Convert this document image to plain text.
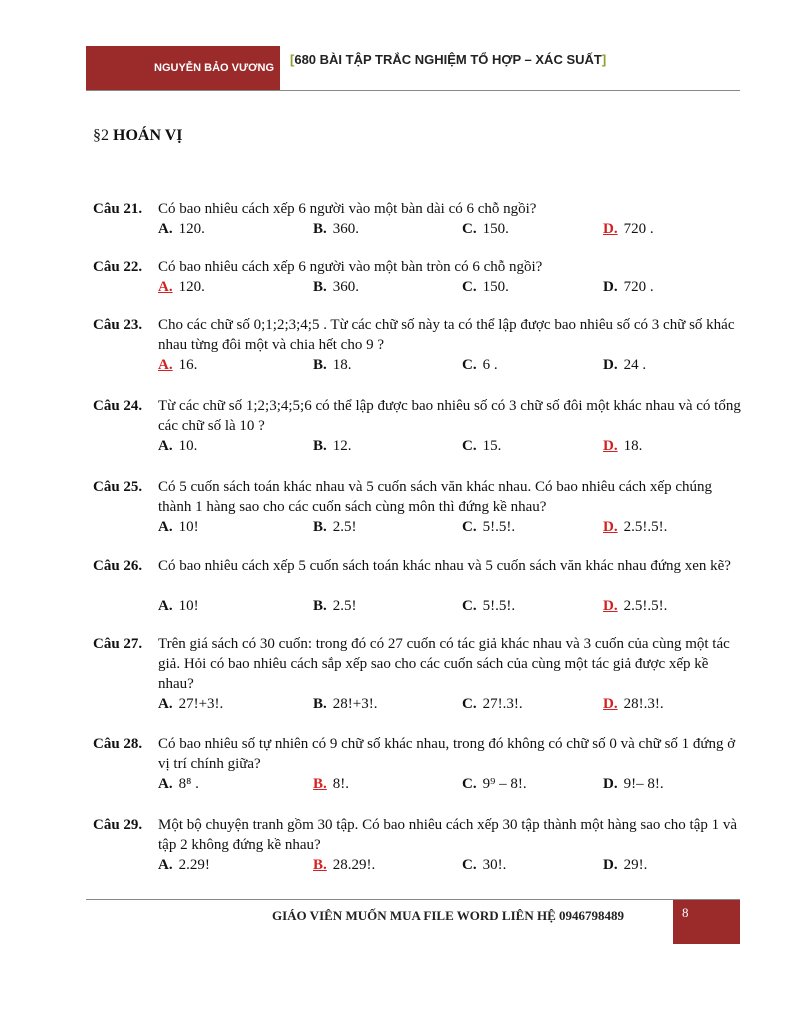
NGUYỄN BẢO VƯƠNG
[680 BÀI TẬP TRẮC NGHIỆM TỔ HỢP – XÁC SUẤT]
§2 HOÁN VỊ
Câu 21. Có bao nhiêu cách xếp 6 người vào một bàn dài có 6 chỗ ngồi?
A. 120.	B. 360.	C. 150.	D. 720 .
Câu 22. Có bao nhiêu cách xếp 6 người vào một bàn tròn có 6 chỗ ngồi?
A. 120.	B. 360.	C. 150.	D. 720 .
Câu 23. Cho các chữ số 0;1;2;3;4;5 . Từ các chữ số này ta có thể lập được bao nhiêu số có 3 chữ số khác nhau từng đôi một và chia hết cho 9 ?
A. 16.	B. 18.	C. 6 .	D. 24 .
Câu 24. Từ các chữ số 1;2;3;4;5;6 có thể lập được bao nhiêu số có 3 chữ số đôi một khác nhau và có tổng các chữ số là 10 ?
A. 10.	B. 12.	C. 15.	D. 18.
Câu 25. Có 5 cuốn sách toán khác nhau và 5 cuốn sách văn khác nhau. Có bao nhiêu cách xếp chúng thành 1 hàng sao cho các cuốn sách cùng môn thì đứng kề nhau?
A. 10!	B. 2.5!	C. 5!.5!.	D. 2.5!.5!.
Câu 26. Có bao nhiêu cách xếp 5 cuốn sách toán khác nhau và 5 cuốn sách văn khác nhau đứng xen kẽ?
A. 10!	B. 2.5!	C. 5!.5!.	D. 2.5!.5!.
Câu 27. Trên giá sách có 30 cuốn: trong đó có 27 cuốn có tác giả khác nhau và 3 cuốn của cùng một tác giả. Hỏi có bao nhiêu cách sắp xếp sao cho các cuốn sách của cùng một tác giả được xếp kề nhau?
A. 27!+3!.	B. 28!+3!.	C. 27!.3!.	D. 28!.3!.
Câu 28. Có bao nhiêu số tự nhiên có 9 chữ số khác nhau, trong đó không có chữ số 0 và chữ số 1 đứng ở vị trí chính giữa?
A. 8⁸ .	B. 8!.	C. 9⁹ – 8!.	D. 9!– 8!.
Câu 29. Một bộ chuyện tranh gồm 30 tập. Có bao nhiêu cách xếp 30 tập thành một hàng sao cho tập 1 và tập 2 không đứng kề nhau?
A. 2.29!	B. 28.29!.	C. 30!.	D. 29!.
GIÁO VIÊN MUỐN MUA FILE WORD LIÊN HỆ 0946798489	8
